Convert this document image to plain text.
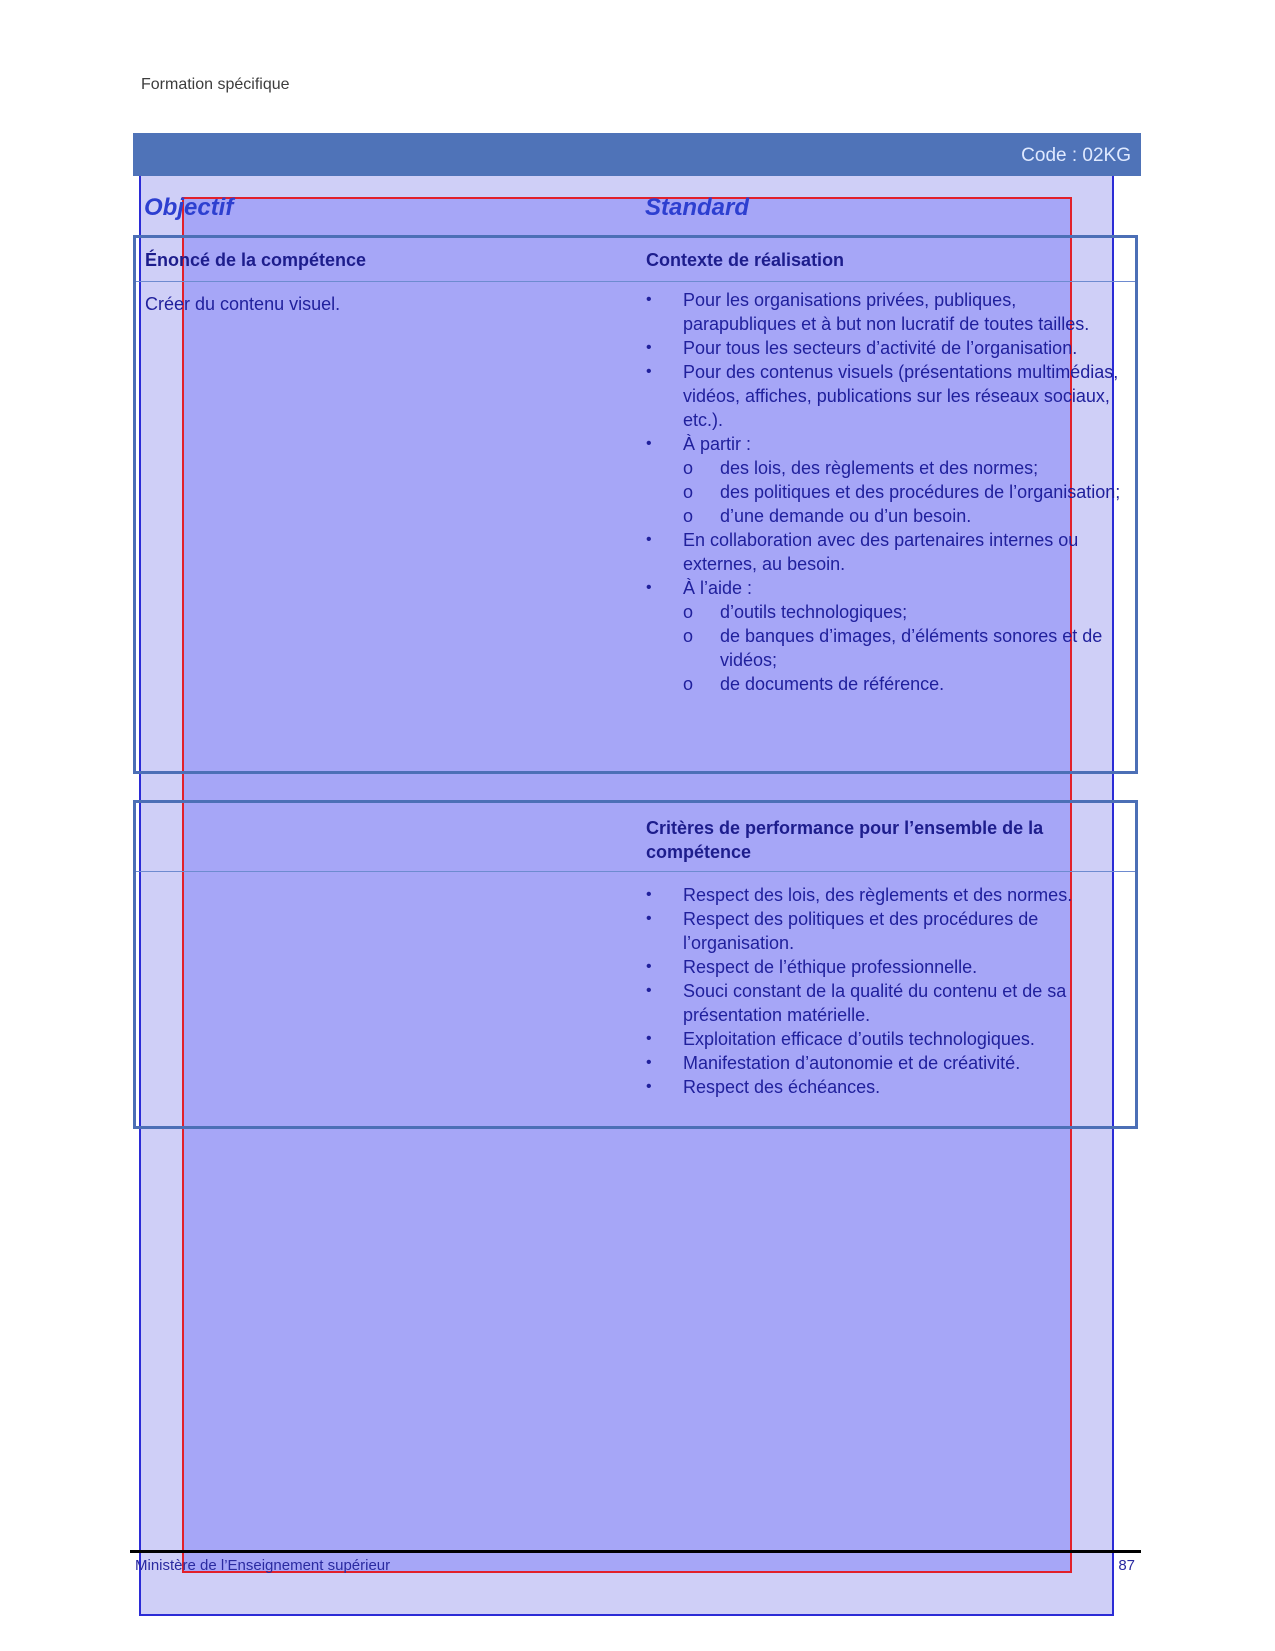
Formation spécifique
Code : 02KG
Objectif	Standard
Énoncé de la compétence	Contexte de réalisation
Créer du contenu visuel.
•	Pour les organisations privées, publiques, parapubliques et à but non lucratif de toutes tailles.
• Pour tous les secteurs d’activité de l’organisation.
• Pour des contenus visuels (présentations multimédias, vidéos, affiches, publications sur les réseaux sociaux, etc.).
• À partir :
o des lois, des règlements et des normes;
o des politiques et des procédures de l’organisation;
o d’une demande ou d’un besoin.
• En collaboration avec des partenaires internes ou externes, au besoin.
• À l’aide :
o d’outils technologiques;
o de banques d’images, d’éléments sonores et de vidéos;
o de documents de référence.
Critères de performance pour l’ensemble de la compétence
• Respect des lois, des règlements et des normes.
• Respect des politiques et des procédures de l’organisation.
• Respect de l’éthique professionnelle.
• Souci constant de la qualité du contenu et de sa présentation matérielle.
• Exploitation efficace d’outils technologiques.
• Manifestation d’autonomie et de créativité.
• Respect des échéances.
Ministère de l’Enseignement supérieur	87
